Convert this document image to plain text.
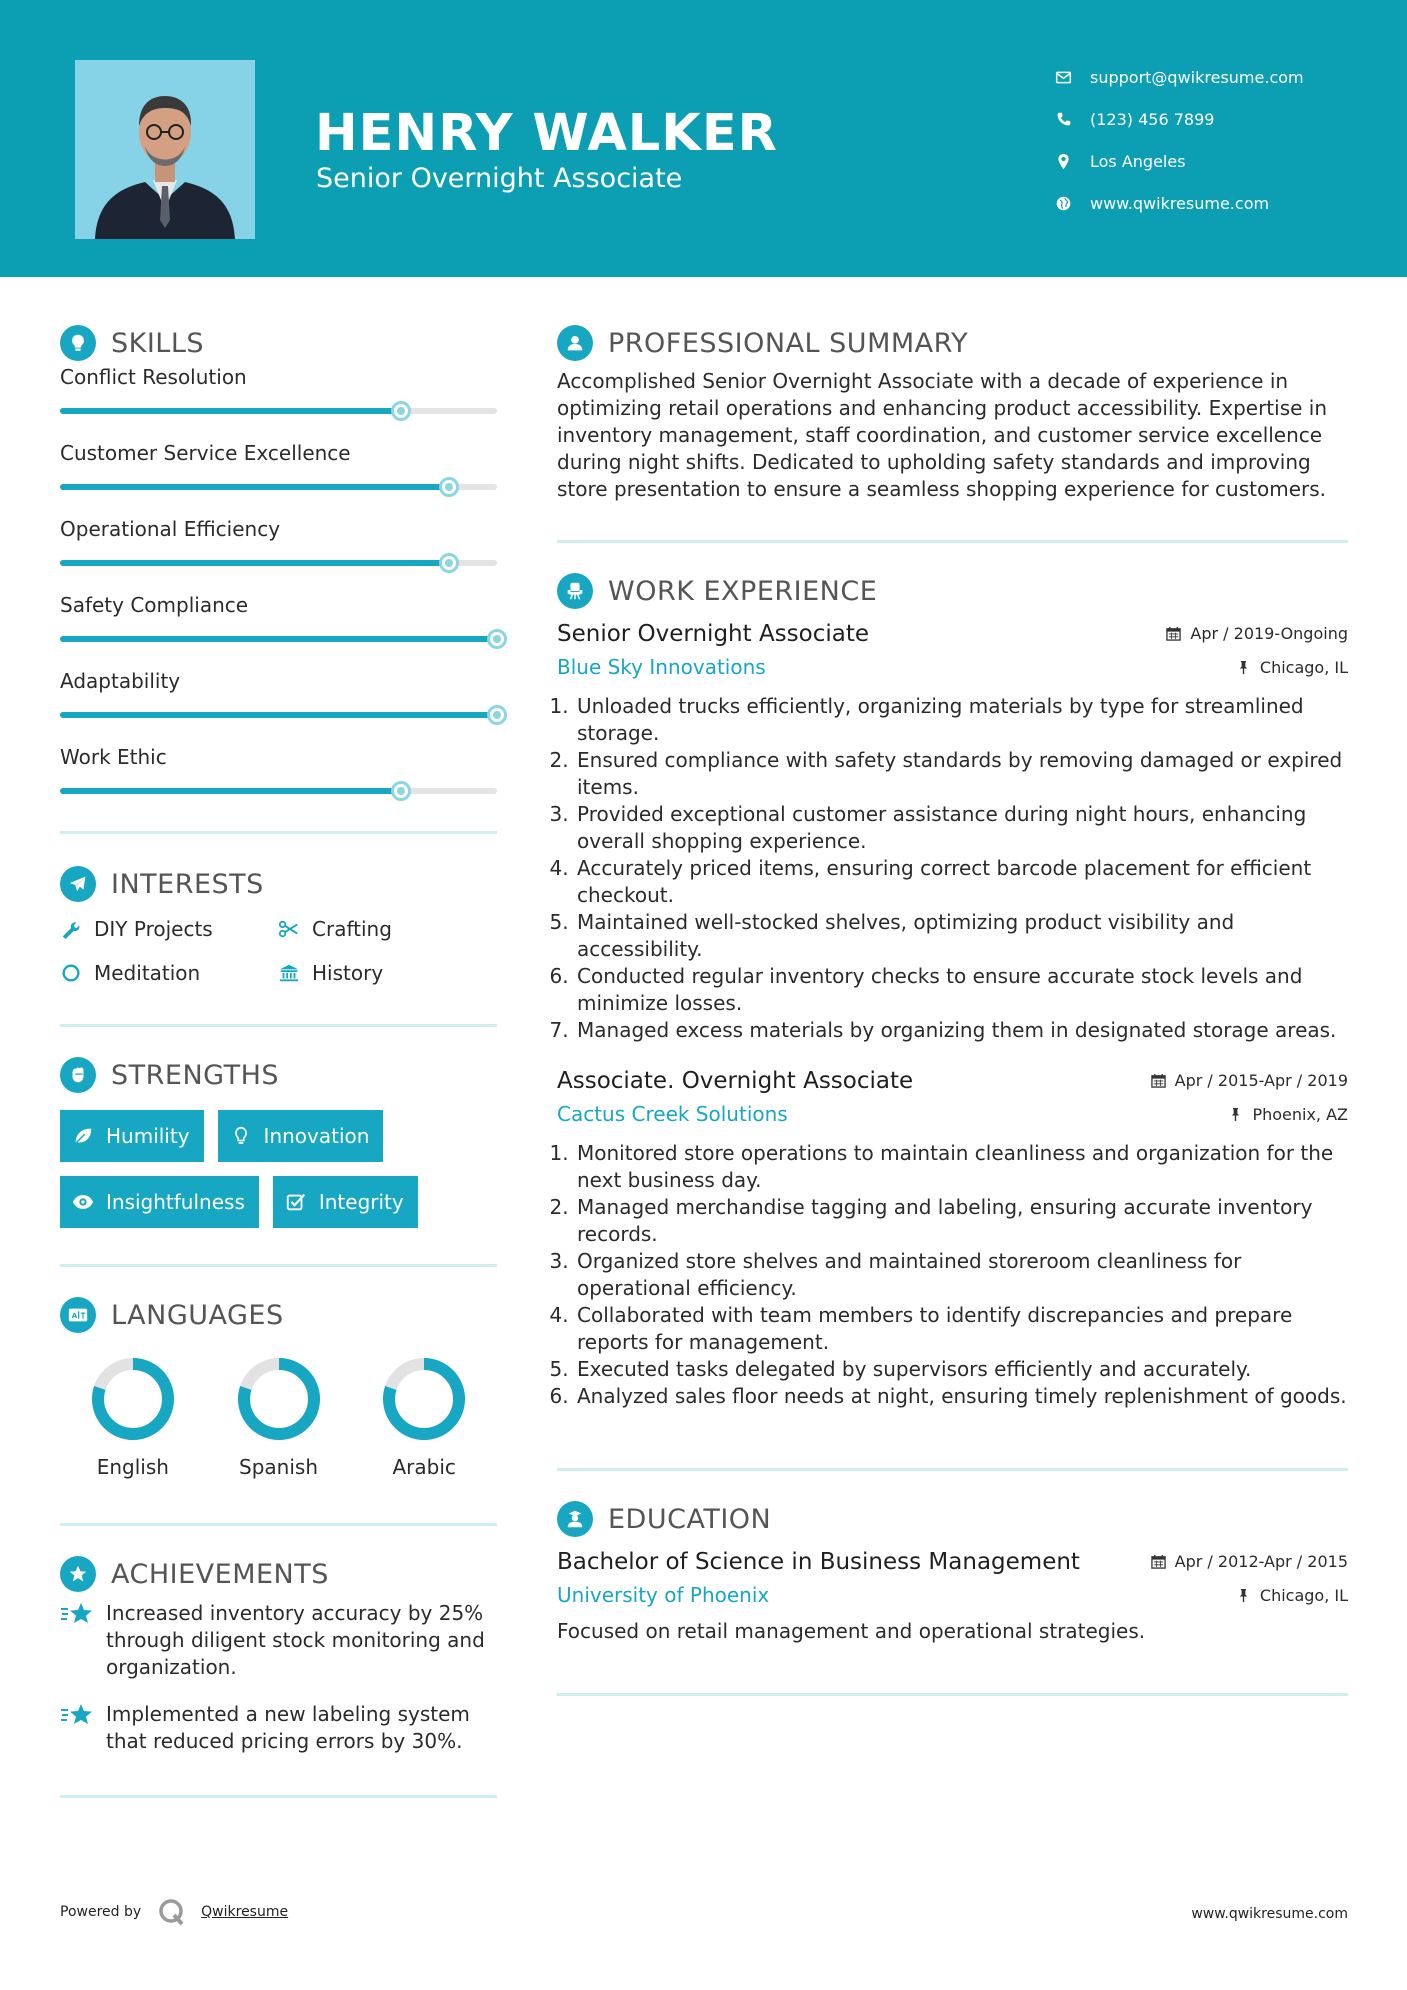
HENRY WALKER
Senior Overnight Associate
support@qwikresume.com
(123) 456 7899
Los Angeles
www.qwikresume.com
SKILLS
Conflict Resolution
Customer Service Excellence
Operational Efficiency
Safety Compliance
Adaptability
Work Ethic
INTERESTS
DIY Projects	Crafting
Meditation	History
STRENGTHS
Humility	Innovation
Insightfulness	Integrity
A LANGUAGES
English	Spanish	Arabic
ACHIEVEMENTS
Increased inventory accuracy by 25% through diligent stock monitoring and organization.
Implemented a new labeling system that reduced pricing errors by 30%.
PROFESSIONAL SUMMARY
Accomplished Senior Overnight Associate with a decade of experience in optimizing retail operations and enhancing product accessibility. Expertise in inventory management, staff coordination, and customer service excellence during night shifts. Dedicated to upholding safety standards and improving store presentation to ensure a seamless shopping experience for customers.
WORK EXPERIENCE
Senior Overnight Associate	Apr / 2019-Ongoing
Blue Sky Innovations	Chicago, IL
1. Unloaded trucks efficiently, organizing materials by type for streamlined storage.
2. Ensured compliance with safety standards by removing damaged or expired items.
3. Provided exceptional customer assistance during night hours, enhancing overall shopping experience.
4. Accurately priced items, ensuring correct barcode placement for efficient checkout.
5. Maintained well-stocked shelves, optimizing product visibility and accessibility.
6. Conducted regular inventory checks to ensure accurate stock levels and minimize losses.
7. Managed excess materials by organizing them in designated storage areas.
Associate. Overnight Associate	Apr / 2015-Apr / 2019
Cactus Creek Solutions	Phoenix, AZ
1. Monitored store operations to maintain cleanliness and organization for the next business day.
2. Managed merchandise tagging and labeling, ensuring accurate inventory records.
3. Organized store shelves and maintained storeroom cleanliness for operational efficiency.
4. Collaborated with team members to identify discrepancies and prepare reports for management.
5. Executed tasks delegated by supervisors efficiently and accurately.
6. Analyzed sales floor needs at night, ensuring timely replenishment of goods.
EDUCATION
Bachelor of Science in Business Management	Apr / 2012-Apr / 2015
University of Phoenix	Chicago, IL
Focused on retail management and operational strategies.
Powered by	Qwikresume	www.qwikresume.com
